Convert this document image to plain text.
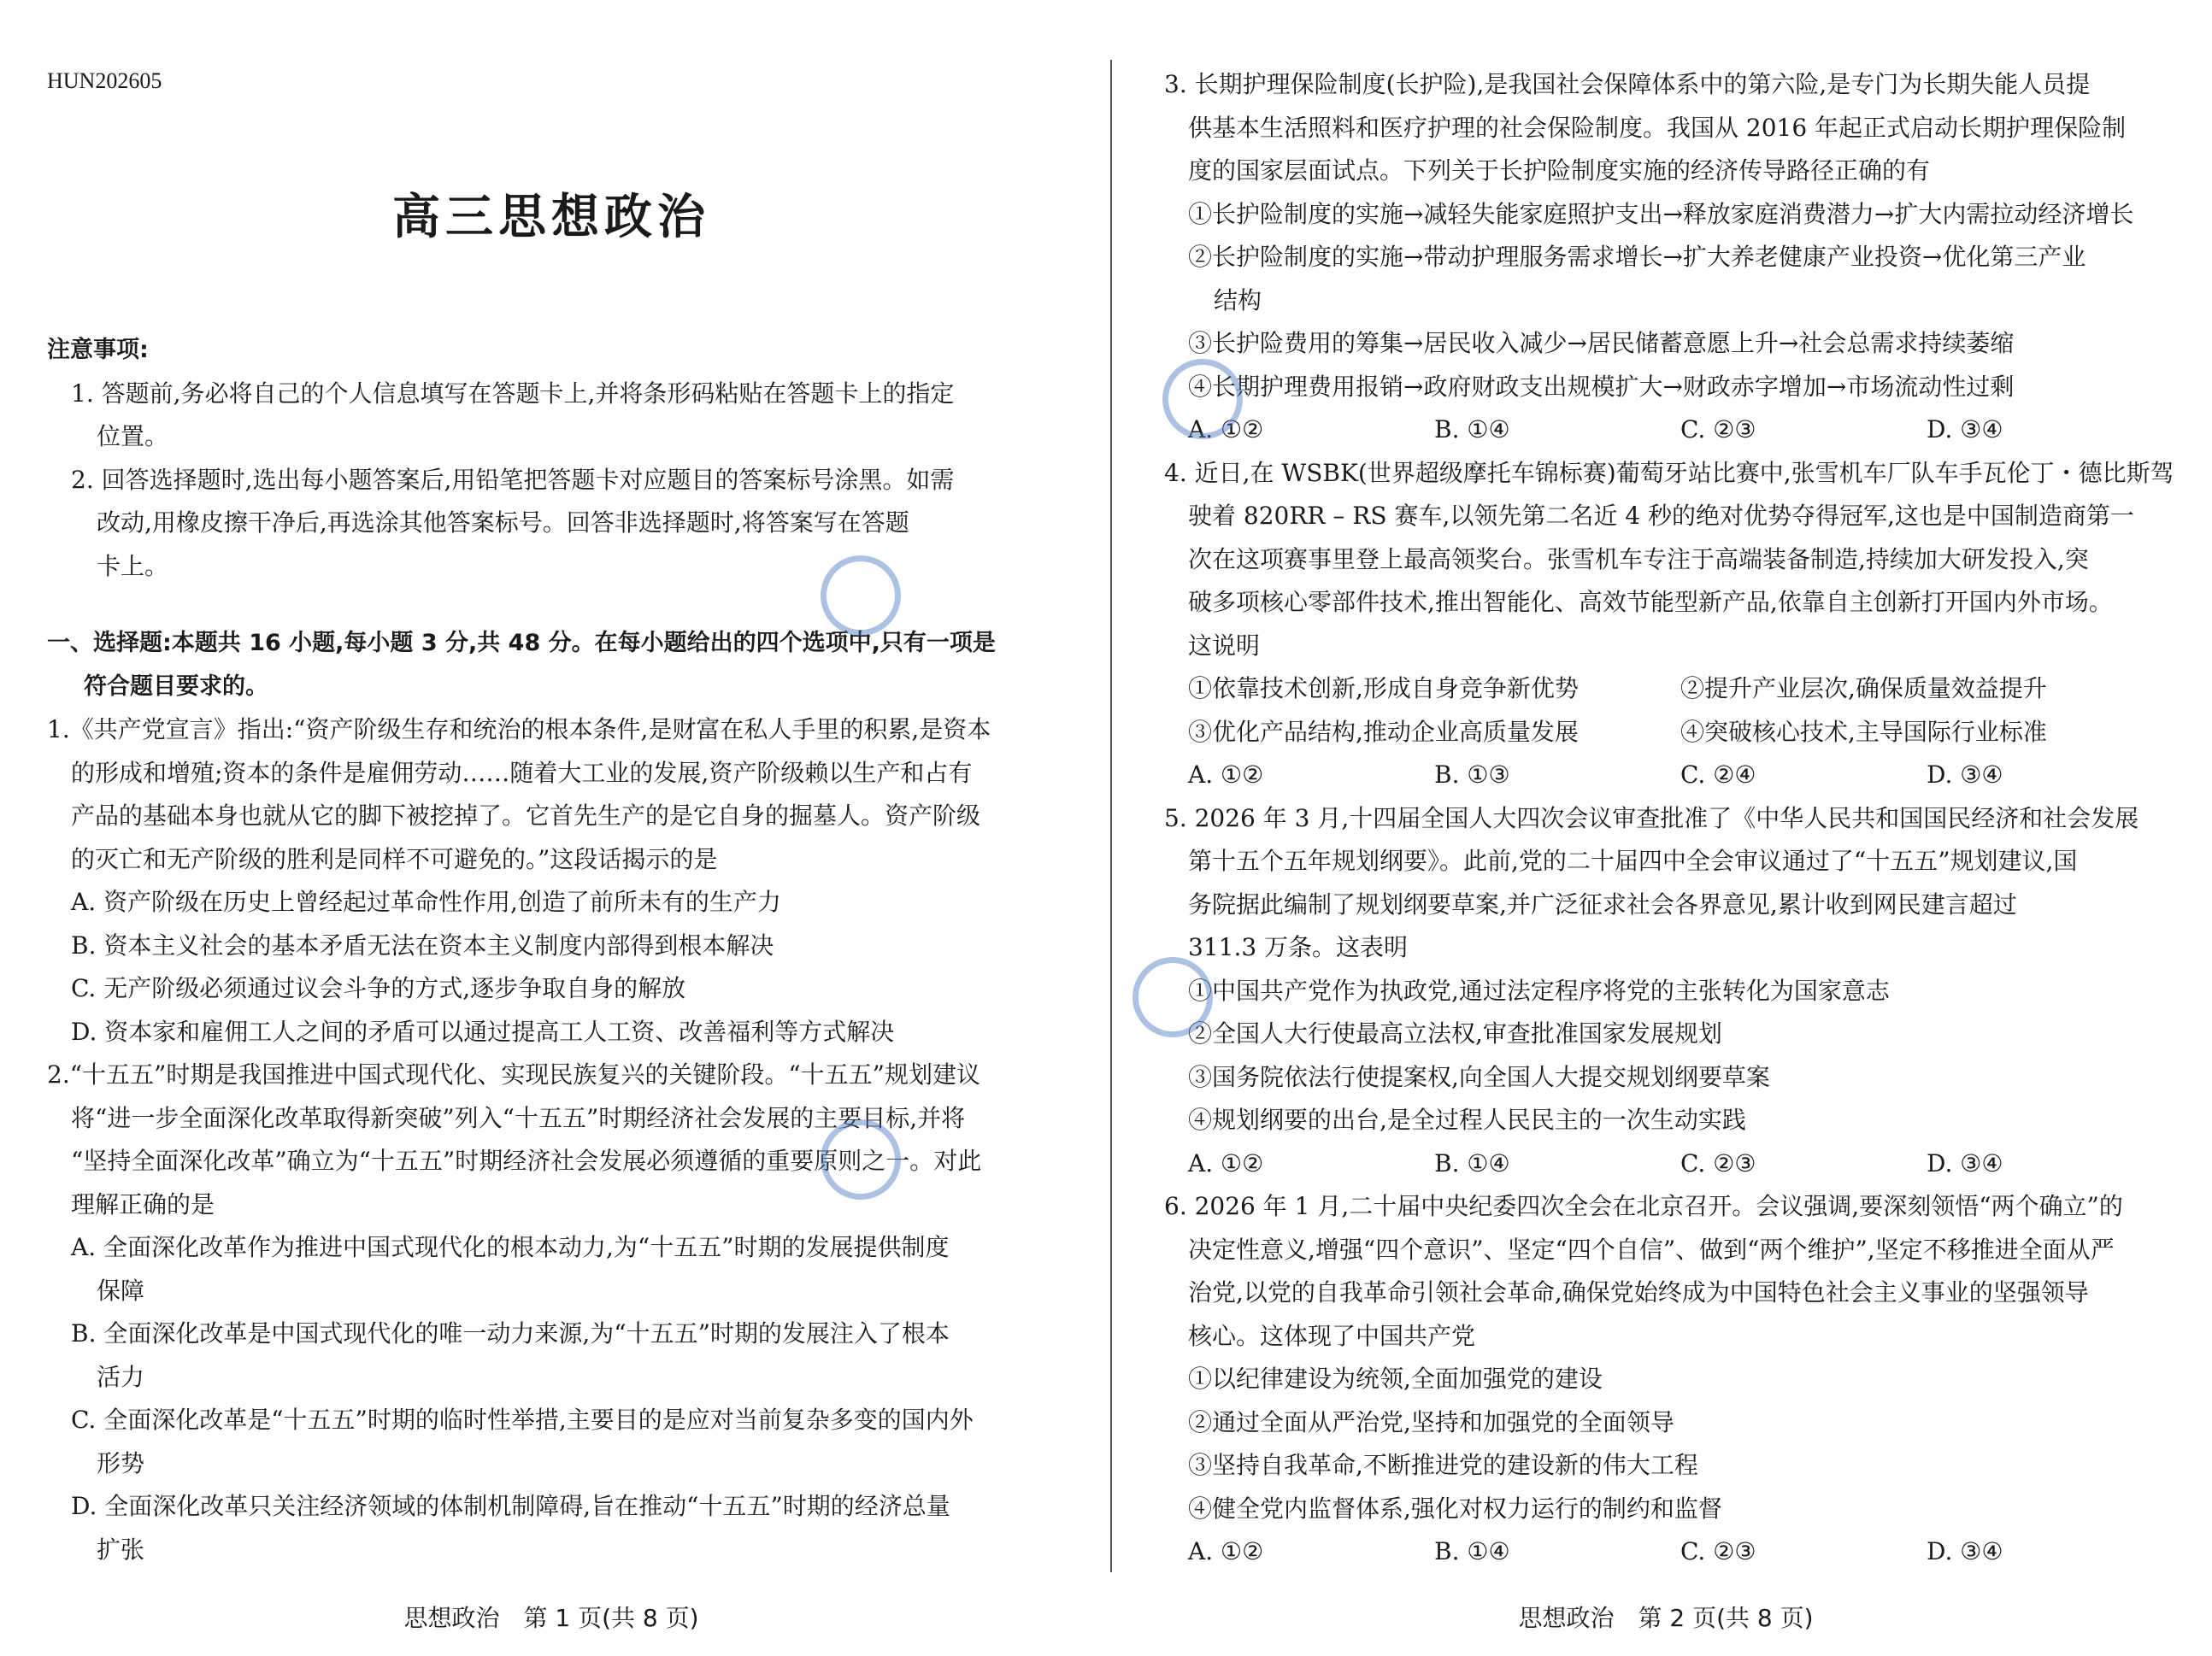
HUN202605
高三思想政治
注意事项:
1. 答题前,务必将自己的个人信息填写在答题卡上,并将条形码粘贴在答题卡上的指定
位置。
2. 回答选择题时,选出每小题答案后,用铅笔把答题卡对应题目的答案标号涂黑。如需
改动,用橡皮擦干净后,再选涂其他答案标号。回答非选择题时,将答案写在答题
卡上。
一、选择题:本题共 16 小题,每小题 3 分,共 48 分。在每小题给出的四个选项中,只有一项是
符合题目要求的。
1.《共产党宣言》指出:“资产阶级生存和统治的根本条件,是财富在私人手里的积累,是资本
的形成和增殖;资本的条件是雇佣劳动……随着大工业的发展,资产阶级赖以生产和占有
产品的基础本身也就从它的脚下被挖掉了。它首先生产的是它自身的掘墓人。资产阶级
的灭亡和无产阶级的胜利是同样不可避免的。”这段话揭示的是
A. 资产阶级在历史上曾经起过革命性作用,创造了前所未有的生产力
B. 资本主义社会的基本矛盾无法在资本主义制度内部得到根本解决
C. 无产阶级必须通过议会斗争的方式,逐步争取自身的解放
D. 资本家和雇佣工人之间的矛盾可以通过提高工人工资、改善福利等方式解决
2.“十五五”时期是我国推进中国式现代化、实现民族复兴的关键阶段。“十五五”规划建议
将“进一步全面深化改革取得新突破”列入“十五五”时期经济社会发展的主要目标,并将
“坚持全面深化改革”确立为“十五五”时期经济社会发展必须遵循的重要原则之一。对此
理解正确的是
A. 全面深化改革作为推进中国式现代化的根本动力,为“十五五”时期的发展提供制度
保障
B. 全面深化改革是中国式现代化的唯一动力来源,为“十五五”时期的发展注入了根本
活力
C. 全面深化改革是“十五五”时期的临时性举措,主要目的是应对当前复杂多变的国内外
形势
D. 全面深化改革只关注经济领域的体制机制障碍,旨在推动“十五五”时期的经济总量
扩张
3. 长期护理保险制度(长护险),是我国社会保障体系中的第六险,是专门为长期失能人员提
供基本生活照料和医疗护理的社会保险制度。我国从 2016 年起正式启动长期护理保险制
度的国家层面试点。下列关于长护险制度实施的经济传导路径正确的有
①长护险制度的实施→减轻失能家庭照护支出→释放家庭消费潜力→扩大内需拉动经济增长
②长护险制度的实施→带动护理服务需求增长→扩大养老健康产业投资→优化第三产业
结构
③长护险费用的筹集→居民收入减少→居民储蓄意愿上升→社会总需求持续萎缩
④长期护理费用报销→政府财政支出规模扩大→财政赤字增加→市场流动性过剩
A. ①②	B. ①④	C. ②③	D. ③④
4. 近日,在 WSBK(世界超级摩托车锦标赛)葡萄牙站比赛中,张雪机车厂队车手瓦伦丁・德比斯驾
驶着 820RR – RS 赛车,以领先第二名近 4 秒的绝对优势夺得冠军,这也是中国制造商第一
次在这项赛事里登上最高领奖台。张雪机车专注于高端装备制造,持续加大研发投入,突
破多项核心零部件技术,推出智能化、高效节能型新产品,依靠自主创新打开国内外市场。
这说明
①依靠技术创新,形成自身竞争新优势	②提升产业层次,确保质量效益提升
③优化产品结构,推动企业高质量发展	④突破核心技术,主导国际行业标准
A. ①②	B. ①③	C. ②④	D. ③④
5. 2026 年 3 月,十四届全国人大四次会议审查批准了《中华人民共和国国民经济和社会发展
第十五个五年规划纲要》。此前,党的二十届四中全会审议通过了“十五五”规划建议,国
务院据此编制了规划纲要草案,并广泛征求社会各界意见,累计收到网民建言超过
311.3 万条。这表明
①中国共产党作为执政党,通过法定程序将党的主张转化为国家意志
②全国人大行使最高立法权,审查批准国家发展规划
③国务院依法行使提案权,向全国人大提交规划纲要草案
④规划纲要的出台,是全过程人民民主的一次生动实践
A. ①②	B. ①④	C. ②③	D. ③④
6. 2026 年 1 月,二十届中央纪委四次全会在北京召开。会议强调,要深刻领悟“两个确立”的
决定性意义,增强“四个意识”、坚定“四个自信”、做到“两个维护”,坚定不移推进全面从严
治党,以党的自我革命引领社会革命,确保党始终成为中国特色社会主义事业的坚强领导
核心。这体现了中国共产党
①以纪律建设为统领,全面加强党的建设
②通过全面从严治党,坚持和加强党的全面领导
③坚持自我革命,不断推进党的建设新的伟大工程
④健全党内监督体系,强化对权力运行的制约和监督
A. ①②	B. ①④	C. ②③	D. ③④
思想政治　第 1 页(共 8 页)	思想政治　第 2 页(共 8 页)
